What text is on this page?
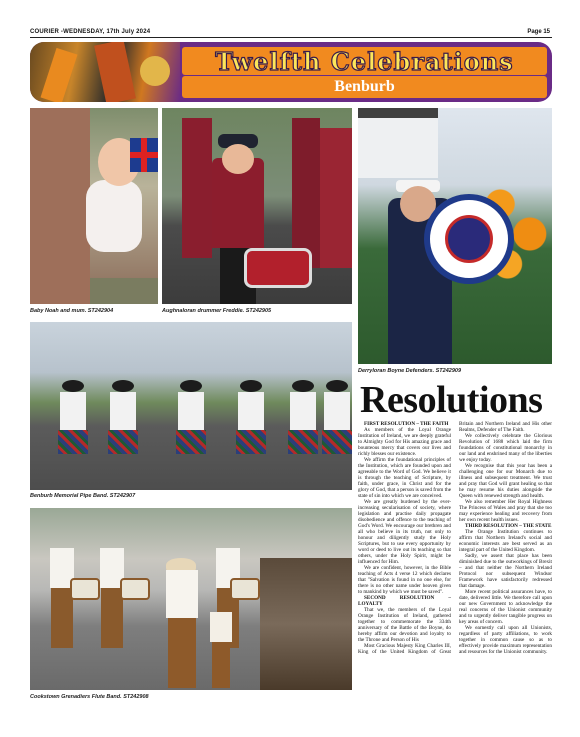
COURIER -WEDNESDAY, 17th July 2024	Page 15
Twelfth Celebrations
Benburb
Baby Noah and mum. ST242904	Aughnaloran drummer Freddie. ST242905
Derryloran Boyne Defenders. ST242909
Benburb Memorial Pipe Band. ST242907
Cookstown Grenadiers Flute Band. ST242908
Resolutions

FIRST RESOLUTION – THE FAITH

As members of the Loyal Orange Institution of Ireland, we are deeply grateful to Almighty God for His amazing grace and bounteous mercy that covers our lives and richly blesses our existence.

We affirm the foundational principles of the Institution, which are founded upon and agreeable to the Word of God. We believe it is through the teaching of Scripture, by faith, under grace, in Christ and for the glory of God, that a person is saved from the state of sin into which we are conceived.

We are greatly burdened by the ever-increasing secularisation of society, where legislation and practise daily propagate disobedience and offence to the teaching of God's Word. We encourage our brethren and all who believe in its truth, not only to honour and diligently study the Holy Scriptures, but to use every opportunity by word or deed to live out its teaching so that others, under the Holy Spirit, might be influenced for Him.

We are confident, however, in the Bible teaching of Acts 4 verse 12 which declares that "Salvation is found in no one else, for there is no other name under heaven given to mankind by which we must be saved".

SECOND RESOLUTION – LOYALTY

That we, the members of the Loyal Orange Institution of Ireland, gathered together to commemorate the 334th anniversary of the Battle of the Boyne, do hereby affirm our devotion and loyalty to the Throne and Person of His

Most Gracious Majesty King Charles III, King of the United Kingdom of Great Britain and Northern Ireland and His other Realms, Defender of The Faith.

We collectively celebrate the Glorious Revolution of 1688 which laid the firm foundations of constitutional monarchy in our land and enshrined many of the liberties we enjoy today.

We recognise that this year has been a challenging one for our Monarch due to illness and subsequent treatment. We trust and pray that God will grant healing so that he may resume his duties alongside the Queen with renewed strength and health.

We also remember Her Royal Highness The Princess of Wales and pray that she too may experience healing and recovery from her own recent health issues.

THIRD RESOLUTION – THE STATE

The Orange Institution continues to affirm that Northern Ireland's social and economic interests are best served as an integral part of the United Kingdom.

Sadly, we assert that place has been diminished due to the outworkings of Brexit – and that neither the Northern Ireland Protocol nor subsequent Windsor Framework have satisfactorily redressed that damage.

More recent political assurances have, to date, delivered little. We therefore call upon our new Government to acknowledge the real concerns of the Unionist community and to urgently deliver tangible progress on key areas of concern.

We earnestly call upon all Unionists, regardless of party affiliations, to work together in common cause so as to effectively provide maximum representation and resources for the Unionist community.
